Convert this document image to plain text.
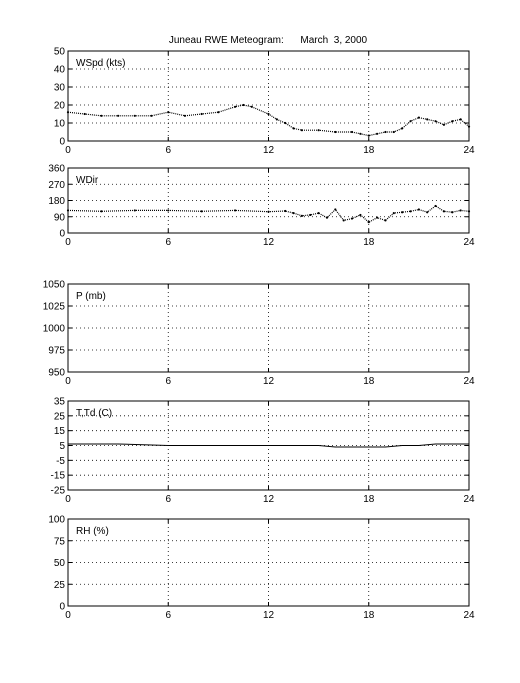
Juneau RWE Meteogram:      March  3, 2000
0	6	12	18	24
0
10
20
30
40
50
WSpd (kts)
0	6	12	18	24
0
90
180
270
360
WDir
0	6	12	18	24
950
975
1000
1025
1050
P (mb)
0	6	12	18	24
-25
-15
-5
5
15
25
35
T,Td (C)
0	6	12	18	24
0
25
50
75
100
RH (%)
